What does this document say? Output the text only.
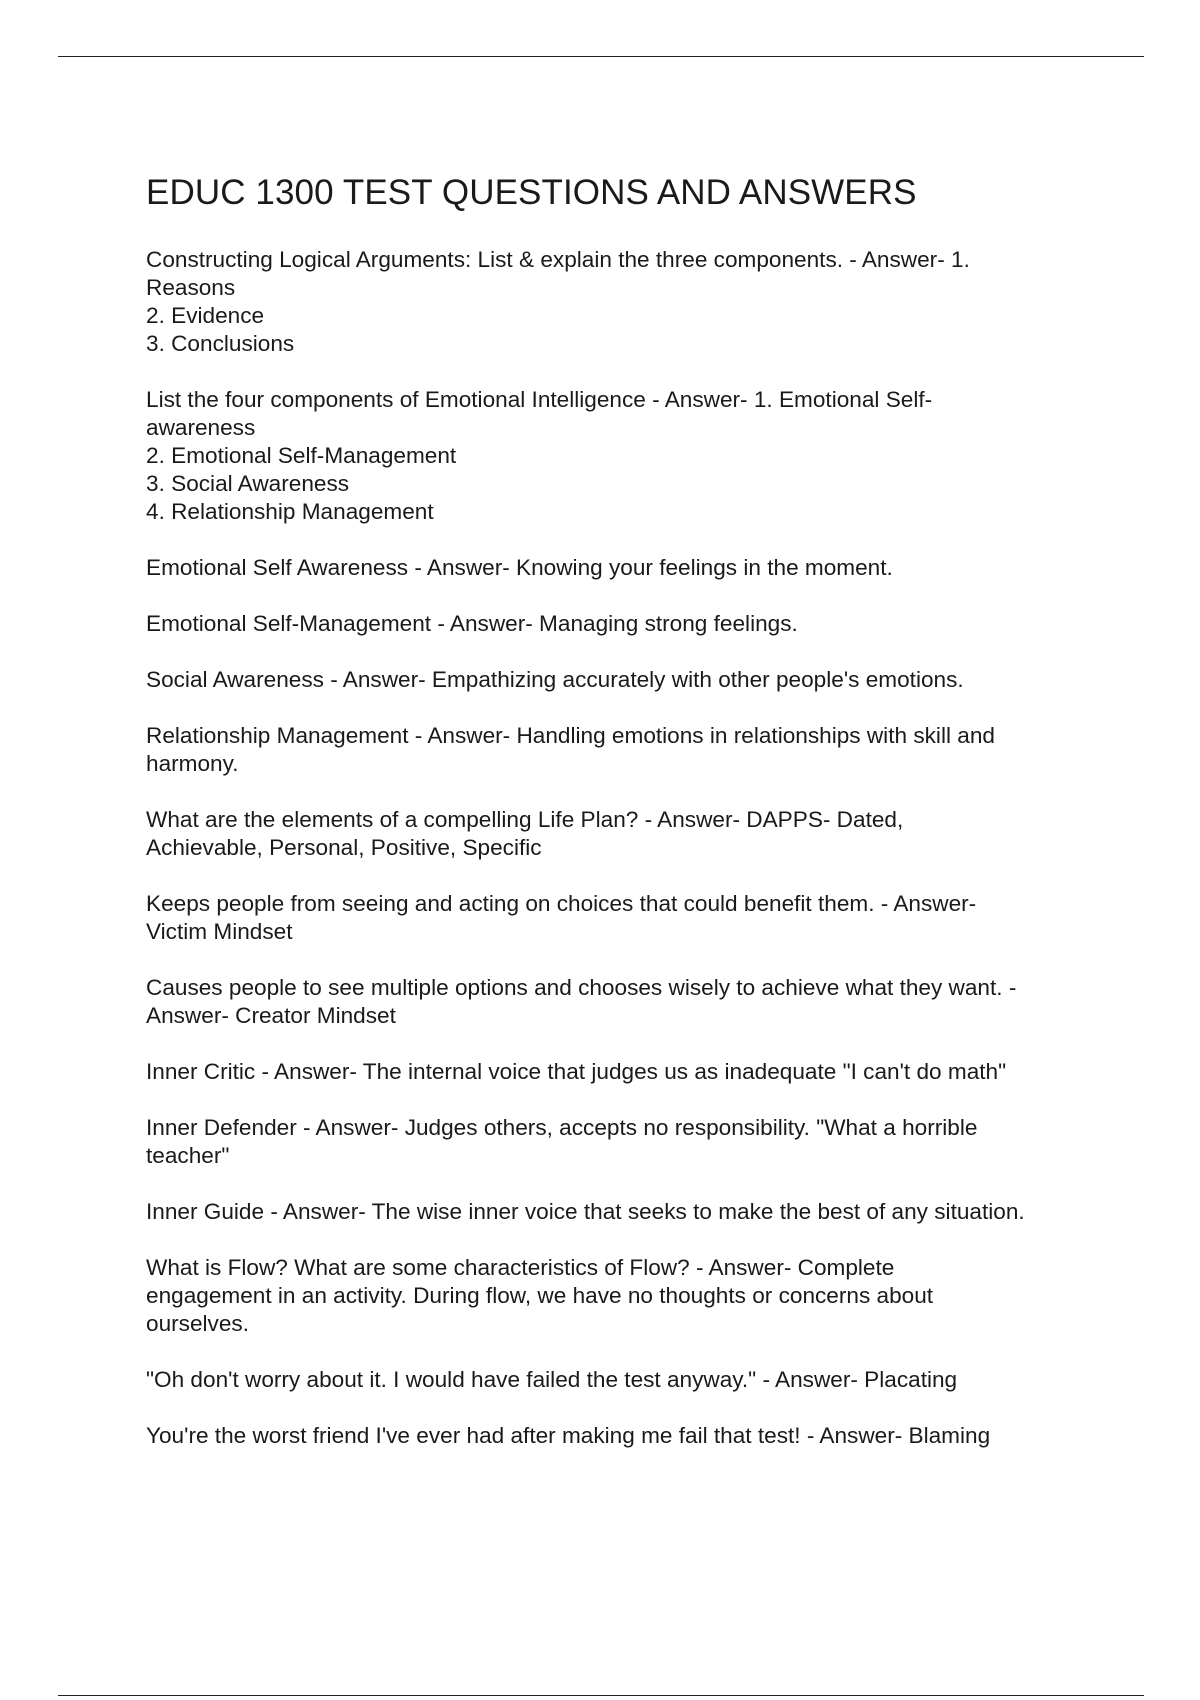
EDUC 1300 TEST QUESTIONS AND ANSWERS
Constructing Logical Arguments: List & explain the three components. - Answer- 1.
Reasons
2. Evidence
3. Conclusions
List the four components of Emotional Intelligence - Answer- 1. Emotional Self-
awareness
2. Emotional Self-Management
3. Social Awareness
4. Relationship Management
Emotional Self Awareness - Answer- Knowing your feelings in the moment.
Emotional Self-Management - Answer- Managing strong feelings.
Social Awareness - Answer- Empathizing accurately with other people's emotions.
Relationship Management - Answer- Handling emotions in relationships with skill and
harmony.
What are the elements of a compelling Life Plan? - Answer- DAPPS- Dated,
Achievable, Personal, Positive, Specific
Keeps people from seeing and acting on choices that could benefit them. - Answer-
Victim Mindset
Causes people to see multiple options and chooses wisely to achieve what they want. -
Answer- Creator Mindset
Inner Critic - Answer- The internal voice that judges us as inadequate "I can't do math"
Inner Defender - Answer- Judges others, accepts no responsibility. "What a horrible
teacher"
Inner Guide - Answer- The wise inner voice that seeks to make the best of any situation.
What is Flow? What are some characteristics of Flow? - Answer- Complete
engagement in an activity. During flow, we have no thoughts or concerns about
ourselves.
"Oh don't worry about it. I would have failed the test anyway." - Answer- Placating
You're the worst friend I've ever had after making me fail that test! - Answer- Blaming
